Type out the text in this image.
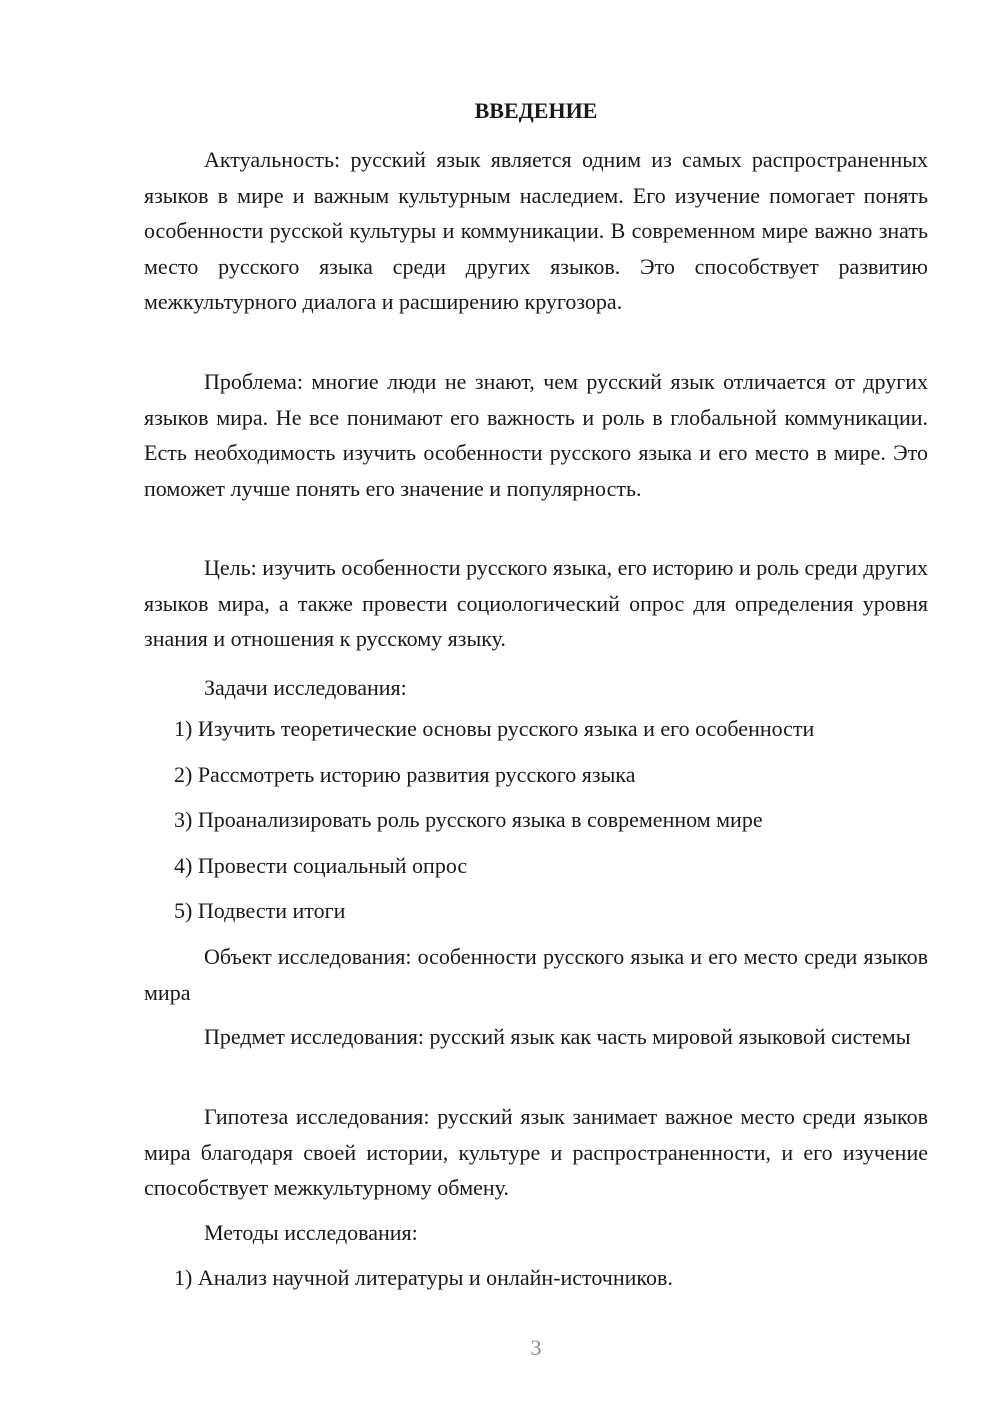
ВВЕДЕНИЕ

Актуальность: русский язык является одним из самых распространенных языков в мире и важным культурным наследием. Его изучение помогает понять особенности русской культуры и коммуникации. В современном мире важно знать место русского языка среди других языков. Это способствует развитию межкультурного диалога и расширению кругозора.

Проблема: многие люди не знают, чем русский язык отличается от других языков мира. Не все понимают его важность и роль в глобальной коммуникации. Есть необходимость изучить особенности русского языка и его место в мире. Это поможет лучше понять его значение и популярность.

Цель: изучить особенности русского языка, его историю и роль среди других языков мира, а также провести социологический опрос для определения уровня знания и отношения к русскому языку.

Задачи исследования:

1) Изучить теоретические основы русского языка и его особенности

2) Рассмотреть историю развития русского языка

3) Проанализировать роль русского языка в современном мире

4) Провести социальный опрос

5) Подвести итоги

Объект исследования: особенности русского языка и его место среди языков мира

Предмет исследования: русский язык как часть мировой языковой системы

Гипотеза исследования: русский язык занимает важное место среди языков мира благодаря своей истории, культуре и распространенности, и его изучение способствует межкультурному обмену.

Методы исследования:

1) Анализ научной литературы и онлайн-источников.

3
